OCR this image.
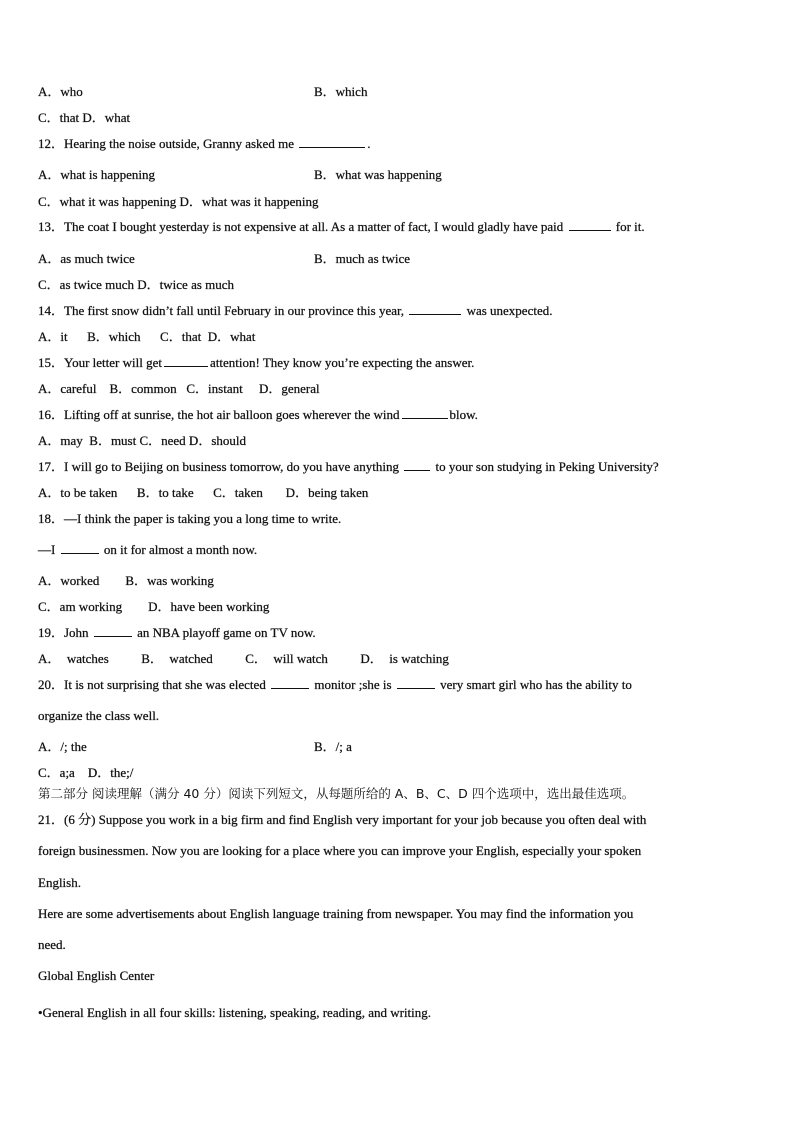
A．who	B．which
C．that D．what
12．Hearing the noise outside, Granny asked me	.
A．what is happening	B．what was happening
C．what it was happening D．what was it happening
13．The coat I bought yesterday is not expensive at all. As a matter of fact, I would gladly have paid	for it.
A．as much twice	B．much as twice
C．as twice much D．twice as much
14．The first snow didn’t fall until February in our province this year,	was unexpected.
A．it      B．which      C．that  D．what
15．Your letter will get	attention! They know you’re expecting the answer.
A．careful    B．common   C．instant     D．general
16．Lifting off at sunrise, the hot air balloon goes wherever the wind	blow.
A．may  B．must C．need D．should
17．I will go to Beijing on business tomorrow, do you have anything	to your son studying in Peking University?
A．to be taken      B．to take      C．taken       D．being taken
18．—I think the paper is taking you a long time to write.
—I	on it for almost a month now.
A．worked        B．was working
C．am working        D．have been working
19．John	an NBA playoff game on TV now.
A．  watches          B．  watched          C．  will watch          D．  is watching
20．It is not surprising that she was elected	monitor ;she is	very smart girl who has the ability to
organize the class well.
A．/; the	B．/; a
C．a;a    D．the;/
第二部分 阅读理解（满分 40 分）阅读下列短文，从每题所给的 A、B、C、D 四个选项中，选出最佳选项。
21．(6 分) Suppose you work in a big firm and find English very important for your job because you often deal with
foreign businessmen. Now you are looking for a place where you can improve your English, especially your spoken
English.
Here are some advertisements about English language training from newspaper. You may find the information you
need.
Global English Center
•General English in all four skills: listening, speaking, reading, and writing.
